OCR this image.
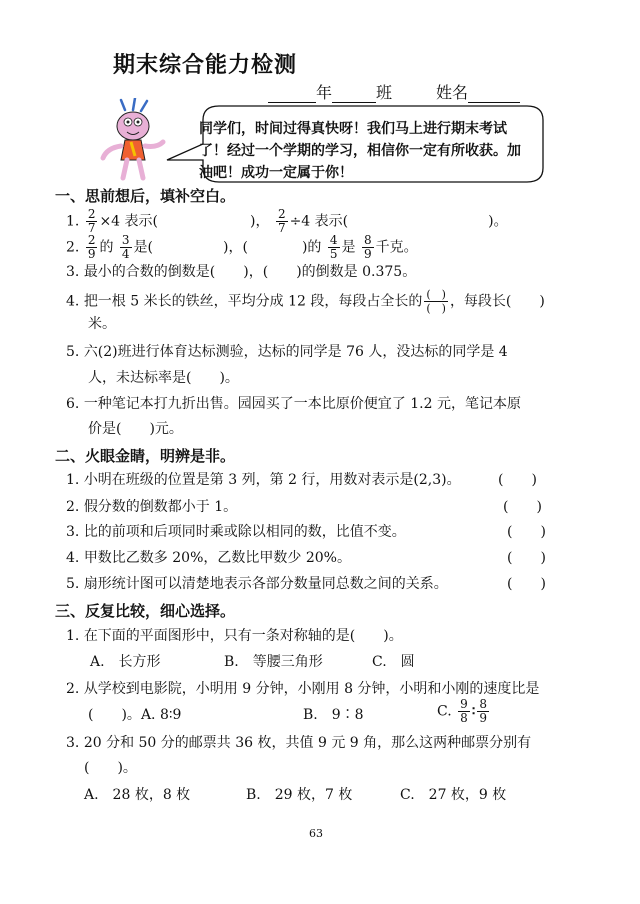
期末综合能力检测
年	班	姓名
同学们，时间过得真快呀！我们马上进行期末考试了！经过一个学期的学习，相信你一定有所收获。加油吧！成功一定属于你！
一、思前想后，填补空白。
1. $\frac{2}{7} \times 4$ 表示(	)， $\frac{2}{7} \div 4$ 表示(	)。
2. $\frac{2}{9}$ 的 $\frac{3}{4}$ 是(	)，(	)的 $\frac{4}{5}$ 是 $\frac{8}{9}$ 千克。
3. 最小的合数的倒数是(　　)，(　　)的倒数是 0.375。
4. 把一根 5 米长的铁丝，平均分成 12 段，每段占全长的 $\frac{( )}{( )}$ ，每段长(　　)
米。
5. 六(2)班进行体育达标测验，达标的同学是 76 人，没达标的同学是 4
人，未达标率是(　　)。
6. 一种笔记本打九折出售。园园买了一本比原价便宜了 1.2 元，笔记本原
价是(　　)元。
二、火眼金睛，明辨是非。
1. 小明在班级的位置是第 3 列，第 2 行，用数对表示是(2,3)。	(　　)
2. 假分数的倒数都小于 1。	(　　)
3. 比的前项和后项同时乘或除以相同的数，比值不变。	(　　)
4. 甲数比乙数多 20%，乙数比甲数少 20%。	(　　)
5. 扇形统计图可以清楚地表示各部分数量同总数之间的关系。	(　　)
三、反复比较，细心选择。
1. 在下面的平面图形中，只有一条对称轴的是(　　)。
A.　长方形	B.　等腰三角形	C.　圆
2. 从学校到电影院，小明用 9 分钟，小刚用 8 分钟，小明和小刚的速度比是
(　　)。A. 8∶9	B.　9∶8	C. $\frac{9}{8}$ ∶ $\frac{8}{9}$
3. 20 分和 50 分的邮票共 36 枚，共值 9 元 9 角，那么这两种邮票分别有
(　　)。
A.　28 枚，8 枚	B.　29 枚，7 枚	C.　27 枚，9 枚
63
